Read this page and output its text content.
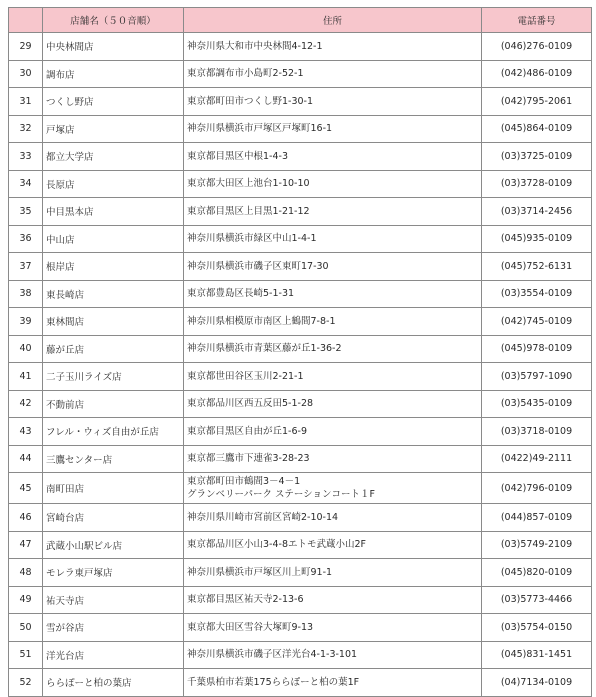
	店舗名（５０音順）	住所	電話番号
29	中央林間店	神奈川県大和市中央林間4-12-1	(046)276-0109
30	調布店	東京都調布市小島町2-52-1	(042)486-0109
31	つくし野店	東京都町田市つくし野1-30-1	(042)795-2061
32	戸塚店	神奈川県横浜市戸塚区戸塚町16-1	(045)864-0109
33	都立大学店	東京都目黒区中根1-4-3	(03)3725-0109
34	長原店	東京都大田区上池台1-10-10	(03)3728-0109
35	中目黒本店	東京都目黒区上目黒1-21-12	(03)3714-2456
36	中山店	神奈川県横浜市緑区中山1-4-1	(045)935-0109
37	根岸店	神奈川県横浜市磯子区東町17-30	(045)752-6131
38	東長崎店	東京都豊島区長崎5-1-31	(03)3554-0109
39	東林間店	神奈川県相模原市南区上鶴間7-8-1	(042)745-0109
40	藤が丘店	神奈川県横浜市青葉区藤が丘1-36-2	(045)978-0109
41	二子玉川ライズ店	東京都世田谷区玉川2-21-1	(03)5797-1090
42	不動前店	東京都品川区西五反田5-1-28	(03)5435-0109
43	フレル・ウィズ自由が丘店	東京都目黒区自由が丘1-6-9	(03)3718-0109
44	三鷹センター店	東京都三鷹市下連雀3-28-23	(0422)49-2111
45	南町田店	東京都町田市鶴間3－4－1
グランベリーパーク ステーションコート１F	(042)796-0109
46	宮崎台店	神奈川県川崎市宮前区宮崎2-10-14	(044)857-0109
47	武蔵小山駅ビル店	東京都品川区小山3-4-8エトモ武蔵小山2F	(03)5749-2109
48	モレラ東戸塚店	神奈川県横浜市戸塚区川上町91-1	(045)820-0109
49	祐天寺店	東京都目黒区祐天寺2-13-6	(03)5773-4466
50	雪が谷店	東京都大田区雪谷大塚町9-13	(03)5754-0150
51	洋光台店	神奈川県横浜市磯子区洋光台4-1-3-101	(045)831-1451
52	ららぽーと柏の葉店	千葉県柏市若葉175ららぽーと柏の葉1F	(04)7134-0109
